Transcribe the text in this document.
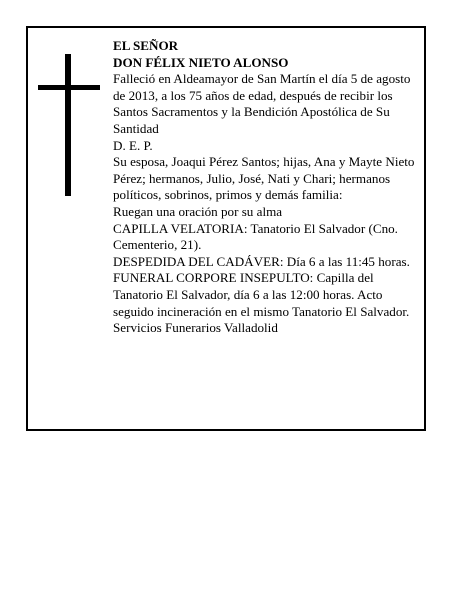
EL SEÑOR
DON FÉLIX NIETO ALONSO
Falleció en Aldeamayor de San Martín el día 5 de agosto de 2013, a los 75 años de edad, después de recibir los Santos Sacramentos y la Bendición Apostólica de Su Santidad
D. E. P.
Su esposa, Joaqui Pérez Santos; hijas, Ana y Mayte Nieto Pérez; hermanos, Julio, José, Nati y Chari; hermanos políticos, sobrinos, primos y demás familia:
Ruegan una oración por su alma
CAPILLA VELATORIA: Tanatorio El Salvador (Cno. Cementerio, 21).
DESPEDIDA DEL CADÁVER: Día 6 a las 11:45 horas.
FUNERAL CORPORE INSEPULTO: Capilla del Tanatorio El Salvador, día 6 a las 12:00 horas. Acto seguido incineración en el mismo Tanatorio El Salvador.
Servicios Funerarios Valladolid
